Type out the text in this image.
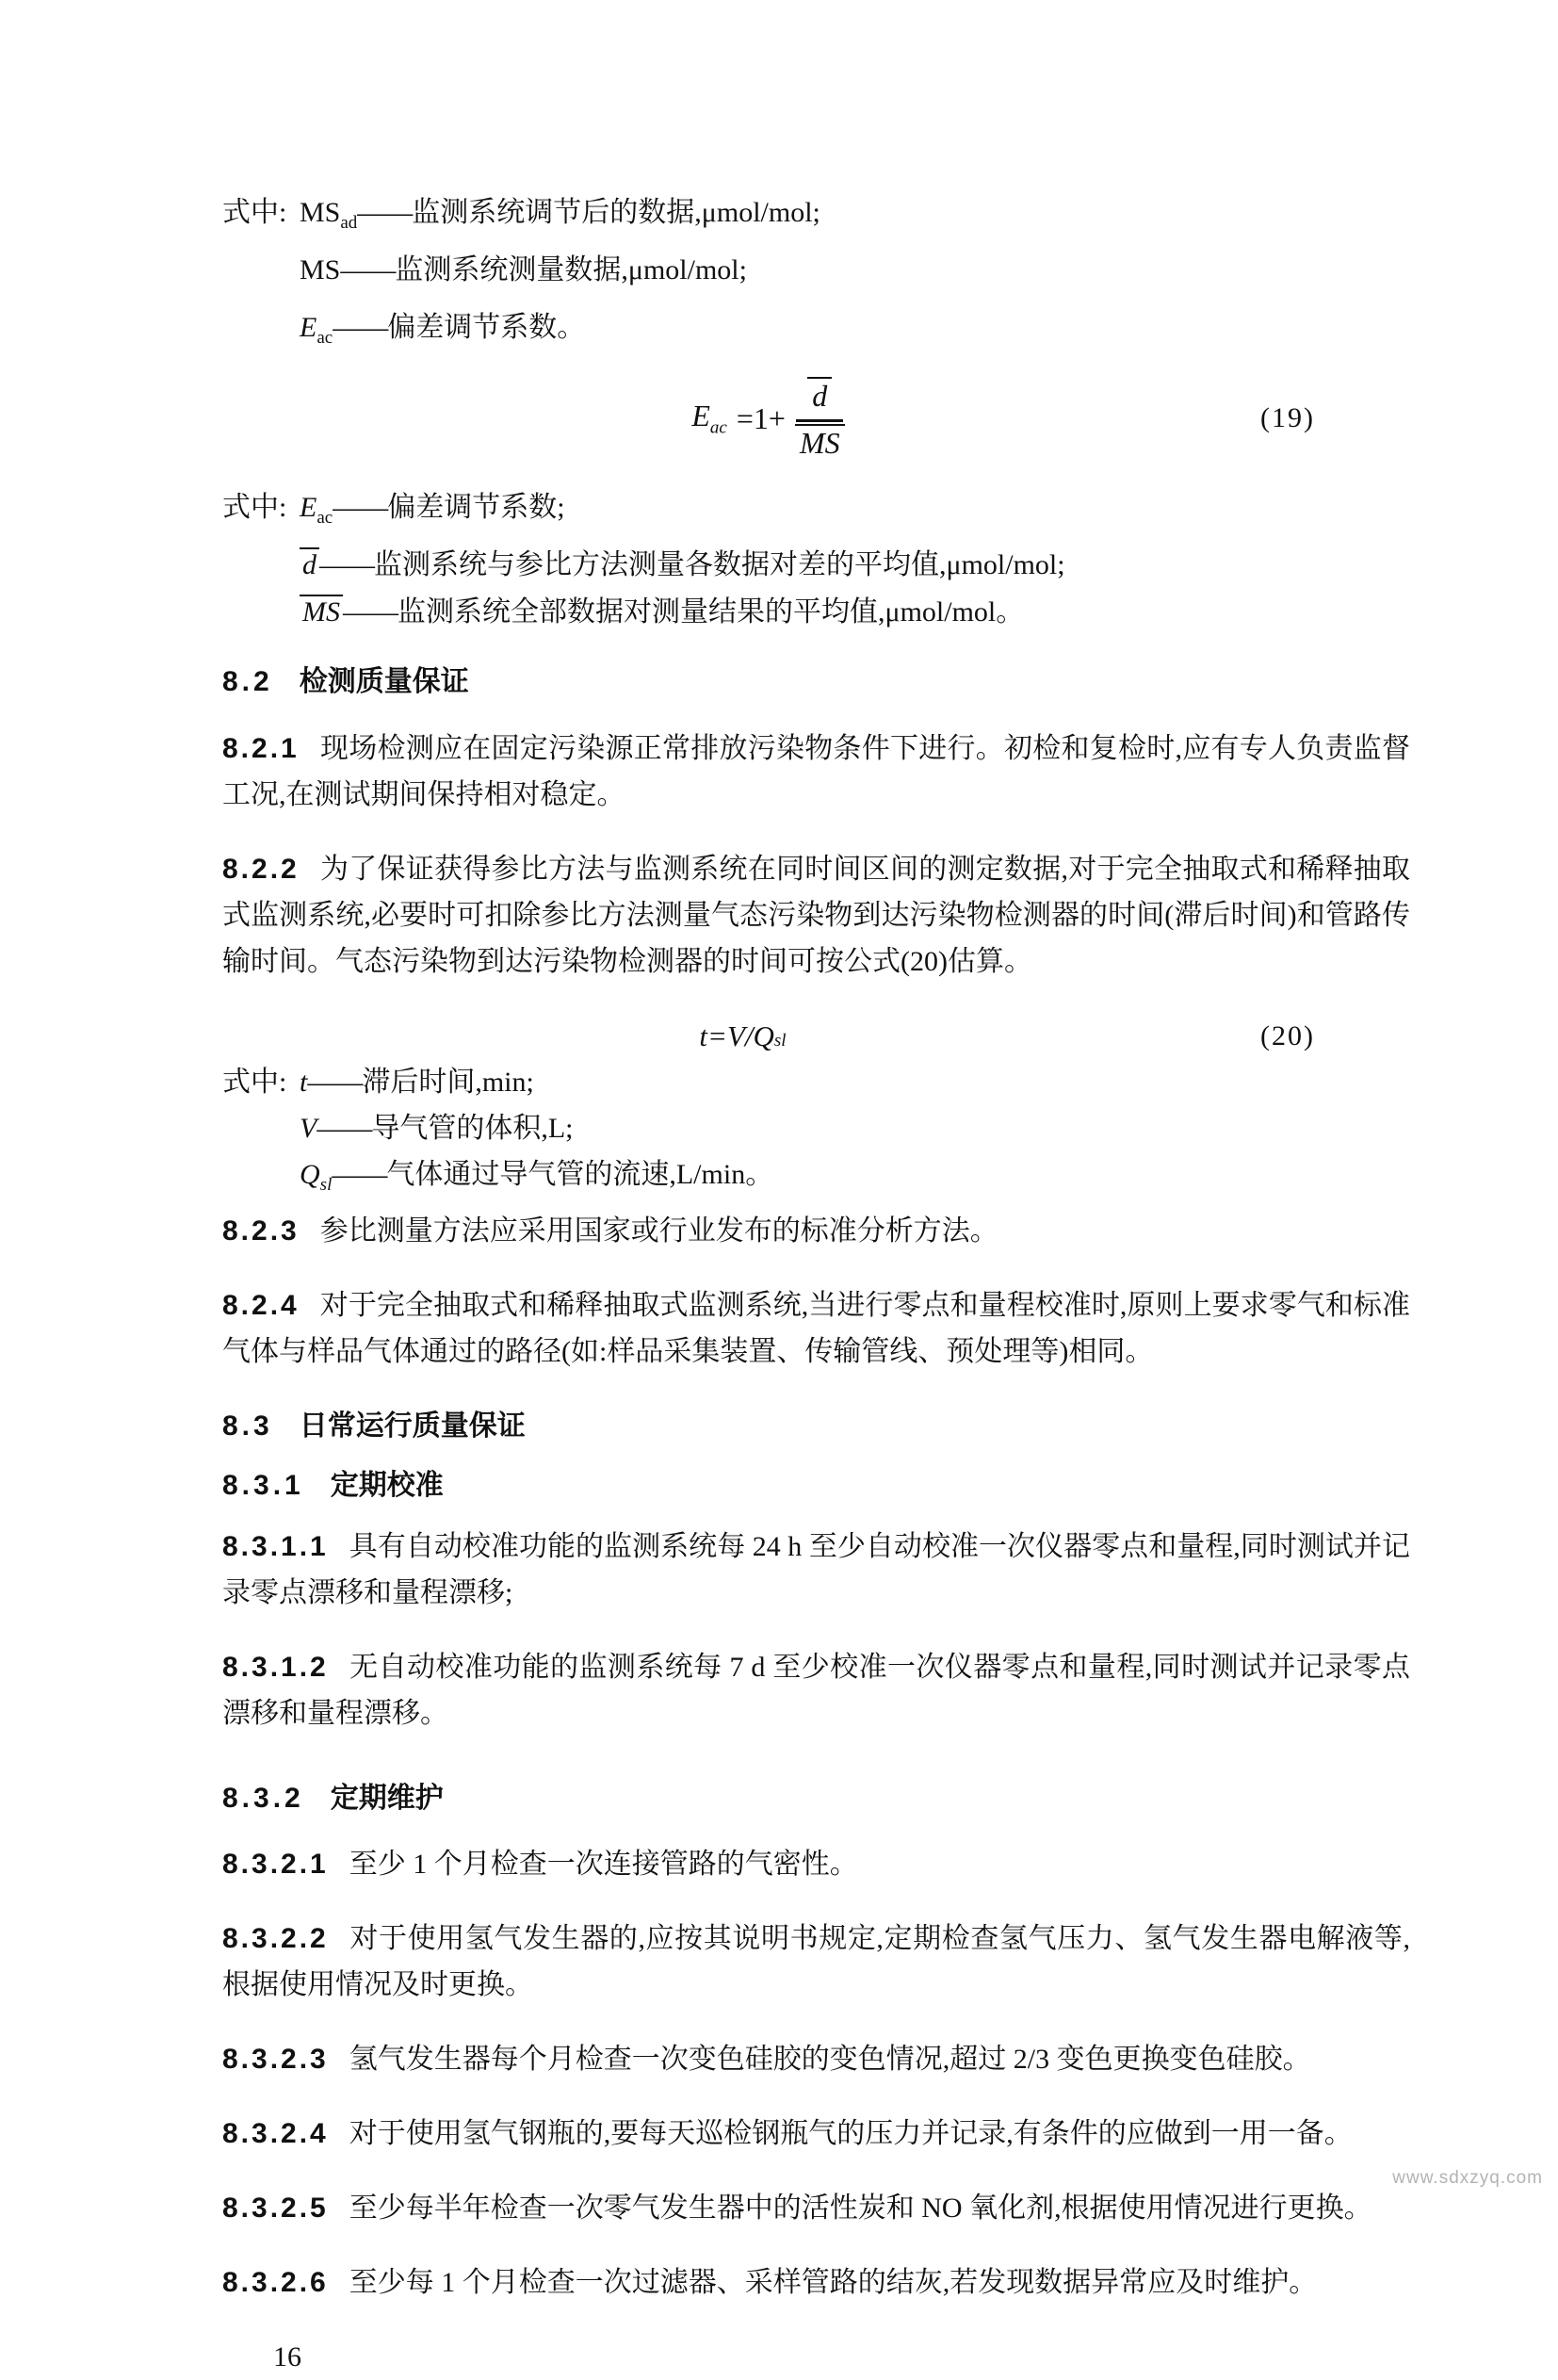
式中: $MS_{ad}——$监测系统调节后的数据,μmol/mol;
MS——监测系统测量数据,μmol/mol;
$E_{ac}——$偏差调节系数。
$E_{ac} =1+ \frac{d}{MS}$	(19)
式中: $E_{ac}——$偏差调节系数;
d ——监测系统与参比方法测量各数据对差的平均值,μmol/mol;
MS ——监测系统全部数据对测量结果的平均值,μmol/mol。
8.2 检测质量保证

8.2.1 现场检测应在固定污染源正常排放污染物条件下进行。初检和复检时,应有专人负责监督工况,在测试期间保持相对稳定。

8.2.2 为了保证获得参比方法与监测系统在同时间区间的测定数据,对于完全抽取式和稀释抽取式监测系统,必要时可扣除参比方法测量气态污染物到达污染物检测器的时间(滞后时间)和管路传输时间。气态污染物到达污染物检测器的时间可按公式(20)估算。

t = V / Q sl	(20)
式中: t——滞后时间,min;
V——导气管的体积,L;
$Q_{sl}——$气体通过导气管的流速,L/min。

8.2.3 参比测量方法应采用国家或行业发布的标准分析方法。

8.2.4 对于完全抽取式和稀释抽取式监测系统,当进行零点和量程校准时,原则上要求零气和标准气体与样品气体通过的路径(如:样品采集装置、传输管线、预处理等)相同。

8.3 日常运行质量保证
8.3.1 定期校准

8.3.1.1 具有自动校准功能的监测系统每 24 h 至少自动校准一次仪器零点和量程,同时测试并记录零点漂移和量程漂移;

8.3.1.2 无自动校准功能的监测系统每 7 d 至少校准一次仪器零点和量程,同时测试并记录零点漂移和量程漂移。

8.3.2 定期维护

8.3.2.1 至少 1 个月检查一次连接管路的气密性。

8.3.2.2 对于使用氢气发生器的,应按其说明书规定,定期检查氢气压力、氢气发生器电解液等,根据使用情况及时更换。

8.3.2.3 氢气发生器每个月检查一次变色硅胶的变色情况,超过 2/3 变色更换变色硅胶。

8.3.2.4 对于使用氢气钢瓶的,要每天巡检钢瓶气的压力并记录,有条件的应做到一用一备。

8.3.2.5 至少每半年检查一次零气发生器中的活性炭和 NO 氧化剂,根据使用情况进行更换。

8.3.2.6 至少每 1 个月检查一次过滤器、采样管路的结灰,若发现数据异常应及时维护。

16
www.sdxzyq.com
